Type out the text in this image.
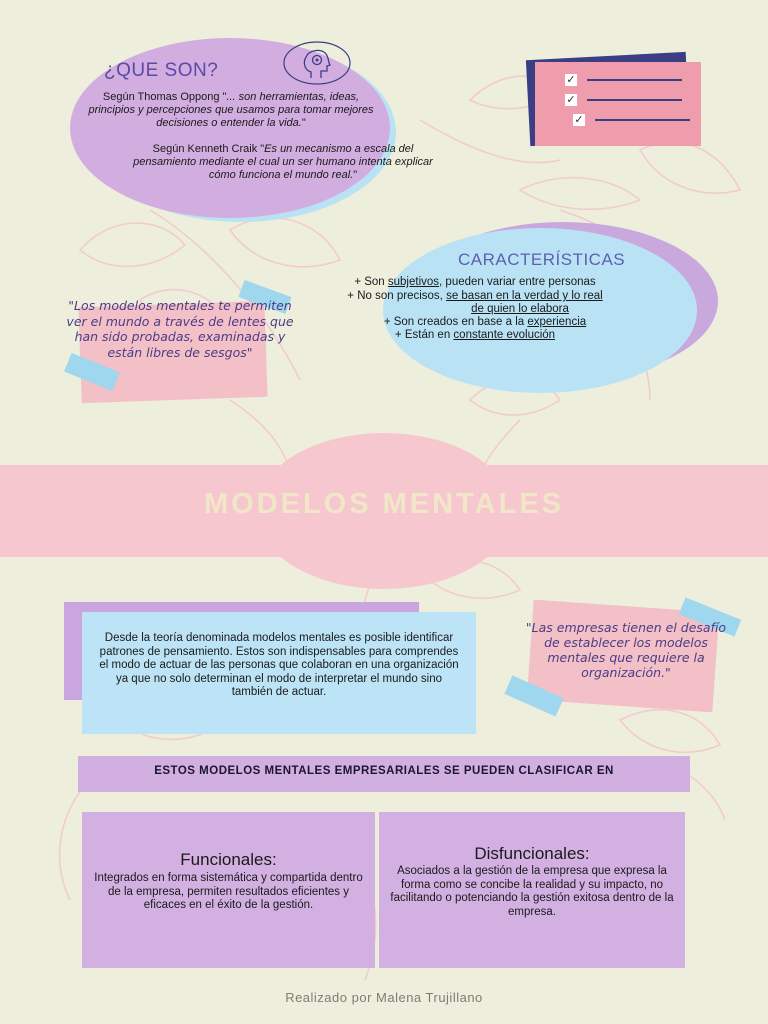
¿QUE SON?
Según Thomas Oppong "... son herramientas, ideas,
principios y percepciones que usamos para tomar mejores
decisiones o entender la vida."
Según Kenneth Craik "Es un mecanismo a escala del
pensamiento mediante el cual un ser humano intenta explicar
cómo funciona el mundo real."
✓
✓
✓
CARACTERÍSTICAS
+ Son subjetivos, pueden variar entre personas
+ No son precisos, se basan en la verdad y lo real
de quien lo elabora
+ Son creados en base a la experiencia
+ Están en constante evolución
"Los modelos mentales te permiten ver el mundo a través de lentes que han sido probadas, examinadas y están libres de sesgos"
MODELOS MENTALES
Desde la teoría denominada modelos mentales es posible identificar patrones de pensamiento. Estos son indispensables para comprendes el modo de actuar de las personas que colaboran en una organización ya que no solo determinan el modo de interpretar el mundo sino también de actuar.
"Las empresas tienen el desafío de establecer los modelos mentales que requiere la organización."
ESTOS MODELOS MENTALES EMPRESARIALES SE PUEDEN CLASIFICAR EN
Funcionales:
Integrados en forma sistemática y compartida dentro de la empresa, permiten resultados eficientes y eficaces en el éxito de la gestión.
Disfuncionales:
Asociados a la gestión de la empresa que expresa la forma como se concibe la realidad y su impacto, no facilitando o potenciando la gestión exitosa dentro de la empresa.
Realizado por Malena Trujillano
